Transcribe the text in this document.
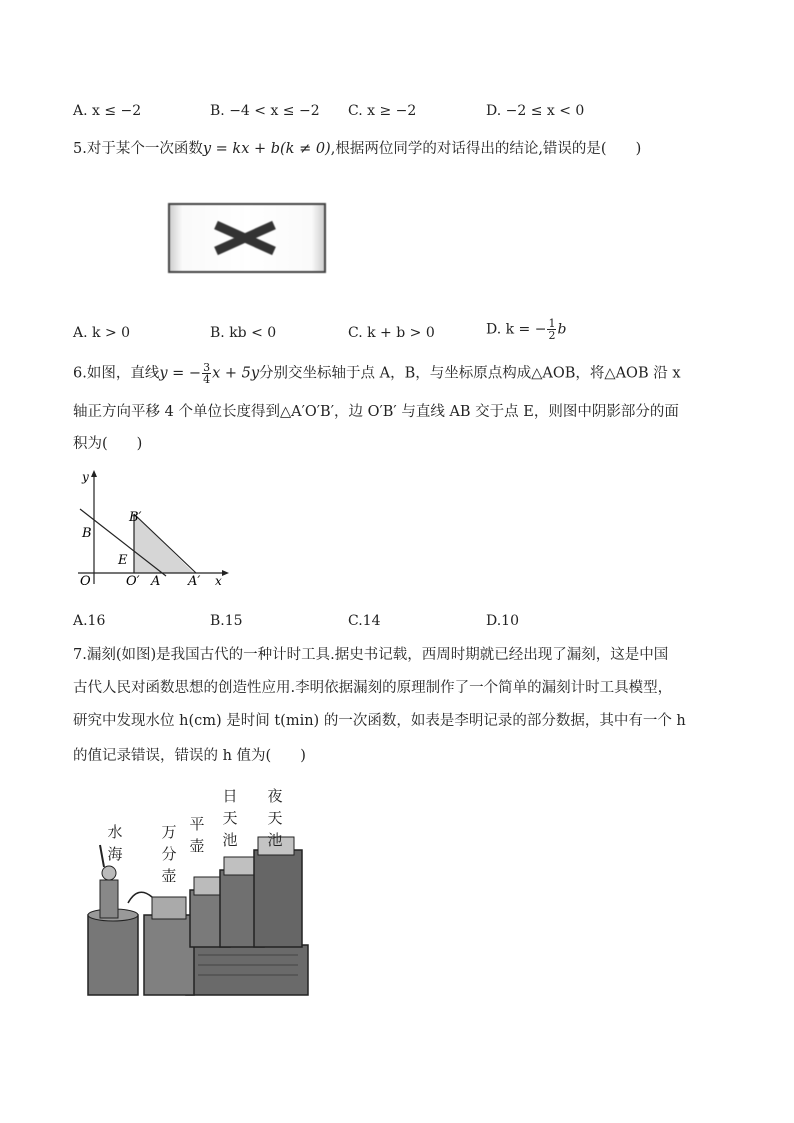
A. x ≤ −2	B. −4 < x ≤ −2 C. x ≥ −2	D. −2 ≤ x < 0
5.对于某个一次函数y = kx + b(k ≠ 0),根据两位同学的对话得出的结论,错误的是(　　)
A. k > 0	B. kb < 0	C. k + b > 0	D. k = − $\frac{1}{2}$ b
6.如图，直线y = − $\frac{3}{4}$ x + 5y分别交坐标轴于点 A，B，与坐标原点构成△AOB，将△AOB 沿 x
轴正方向平移 4 个单位长度得到△A′O′B′，边 O′B′ 与直线 AB 交于点 E，则图中阴影部分的面
积为(　　)
y
B
B′
E
O	O′ A A′ x
A.16	B.15	C.14	D.10
7.漏刻(如图)是我国古代的一种计时工具.据史书记载，西周时期就已经出现了漏刻，这是中国
古代人民对函数思想的创造性应用.李明依据漏刻的原理制作了一个简单的漏刻计时工具模型，
研究中发现水位 h(cm) 是时间 t(min) 的一次函数，如表是李明记录的部分数据，其中有一个 h
的值记录错误，错误的 h 值为(　　)
水
海
万
分
壶
平
壶
日
天
池
夜
天
池
